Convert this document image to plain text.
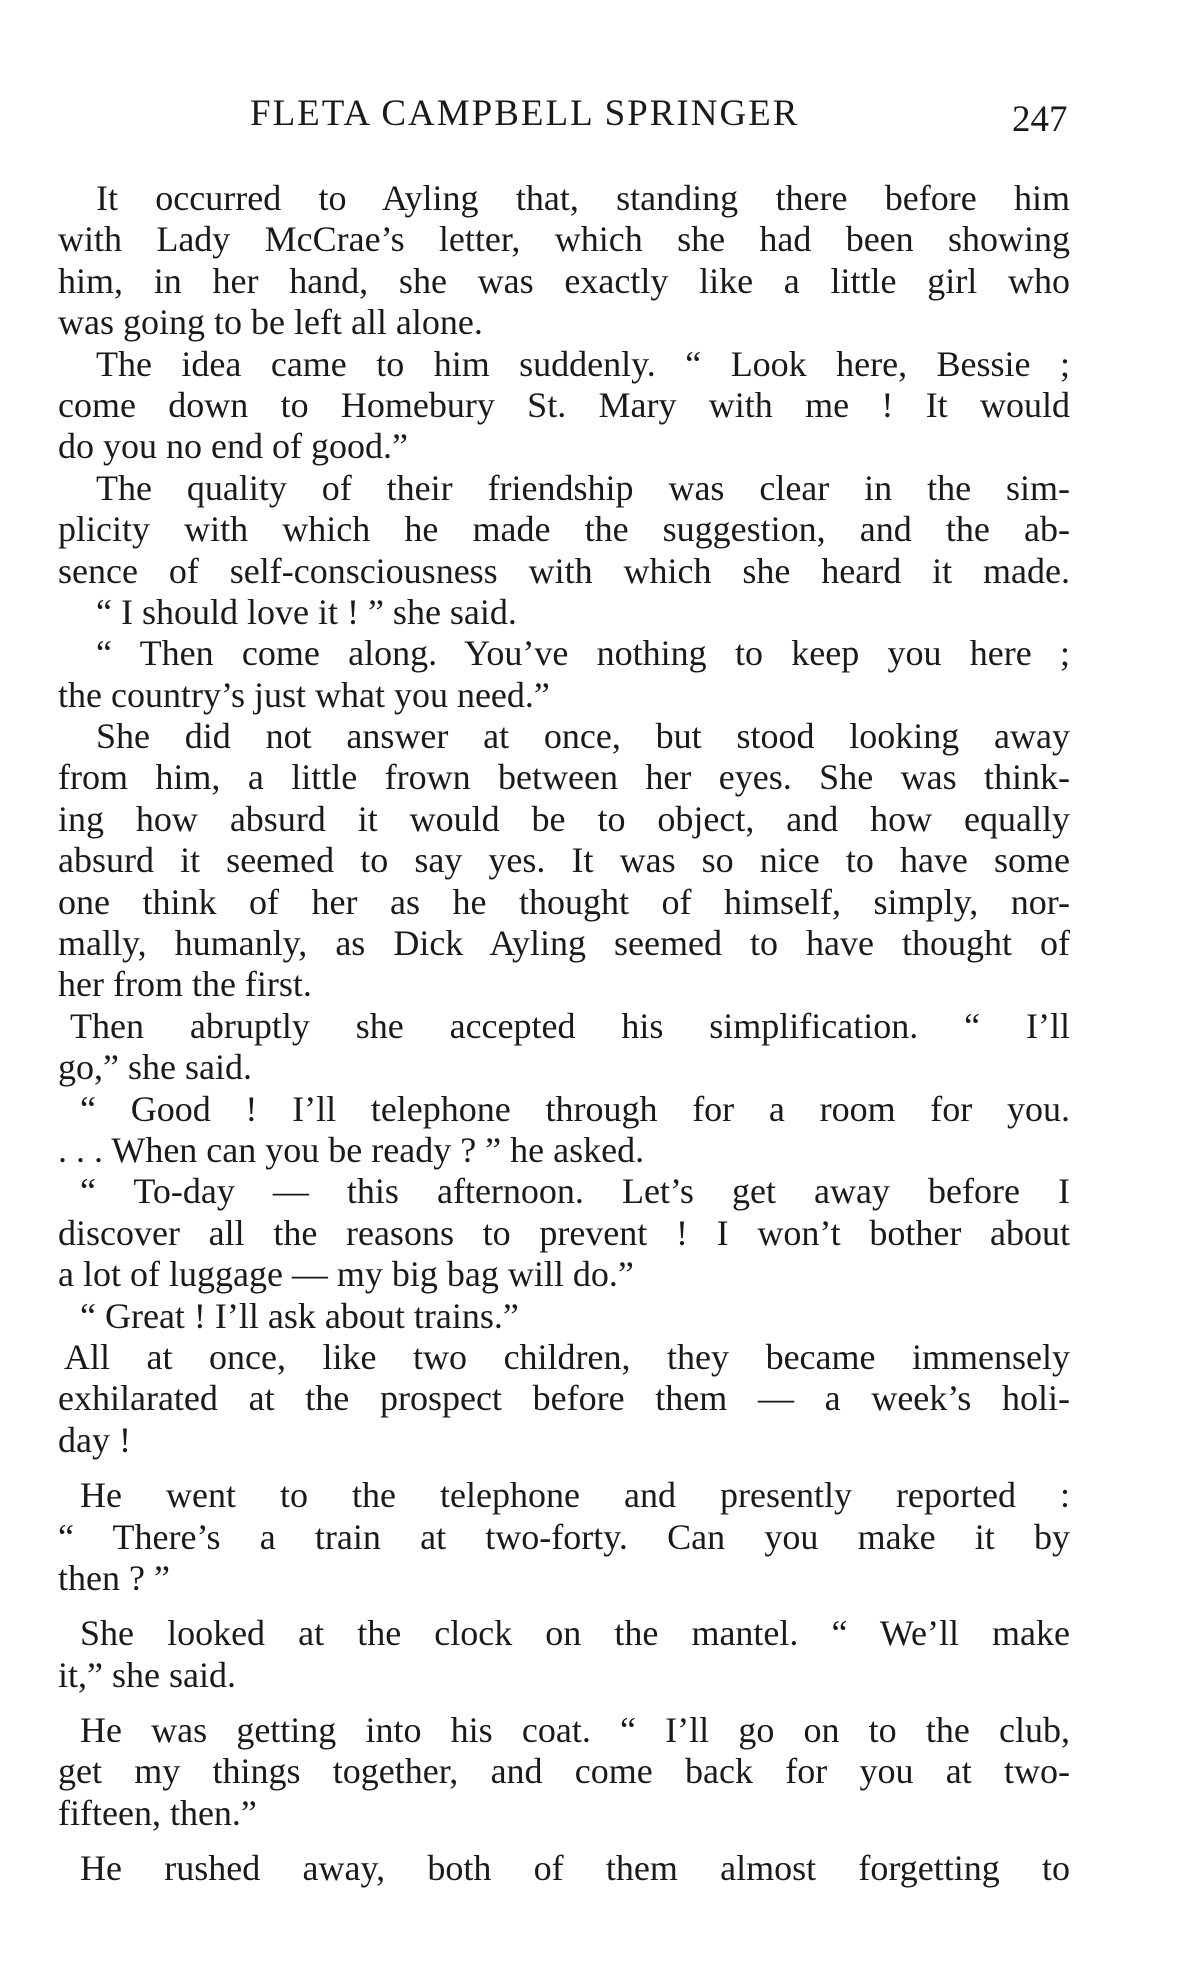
FLETA CAMPBELL SPRINGER	247
It occurred to Ayling that, standing there before him
with Lady McCrae’s letter, which she had been showing
him, in her hand, she was exactly like a little girl who
was going to be left all alone.
The idea came to him suddenly. “ Look here, Bessie ;
come down to Homebury St. Mary with me ! It would
do you no end of good.”
The quality of their friendship was clear in the sim-
plicity with which he made the suggestion, and the ab-
sence of self-consciousness with which she heard it made.
“ I should love it ! ” she said.
“ Then come along. You’ve nothing to keep you here ;
the country’s just what you need.”
She did not answer at once, but stood looking away
from him, a little frown between her eyes. She was think-
ing how absurd it would be to object, and how equally
absurd it seemed to say yes. It was so nice to have some
one think of her as he thought of himself, simply, nor-
mally, humanly, as Dick Ayling seemed to have thought of
her from the first.
Then abruptly she accepted his simplification. “ I’ll
go,” she said.
“ Good ! I’ll telephone through for a room for you.
. . . When can you be ready ? ” he asked.
“ To-day — this afternoon. Let’s get away before I
discover all the reasons to prevent ! I won’t bother about
a lot of luggage — my big bag will do.”
“ Great ! I’ll ask about trains.”
All at once, like two children, they became immensely
exhilarated at the prospect before them — a week’s holi-
day !
He went to the telephone and presently reported :
“ There’s a train at two-forty. Can you make it by
then ? ”
She looked at the clock on the mantel. “ We’ll make
it,” she said.
He was getting into his coat. “ I’ll go on to the club,
get my things together, and come back for you at two-
fifteen, then.”
He rushed away, both of them almost forgetting to
